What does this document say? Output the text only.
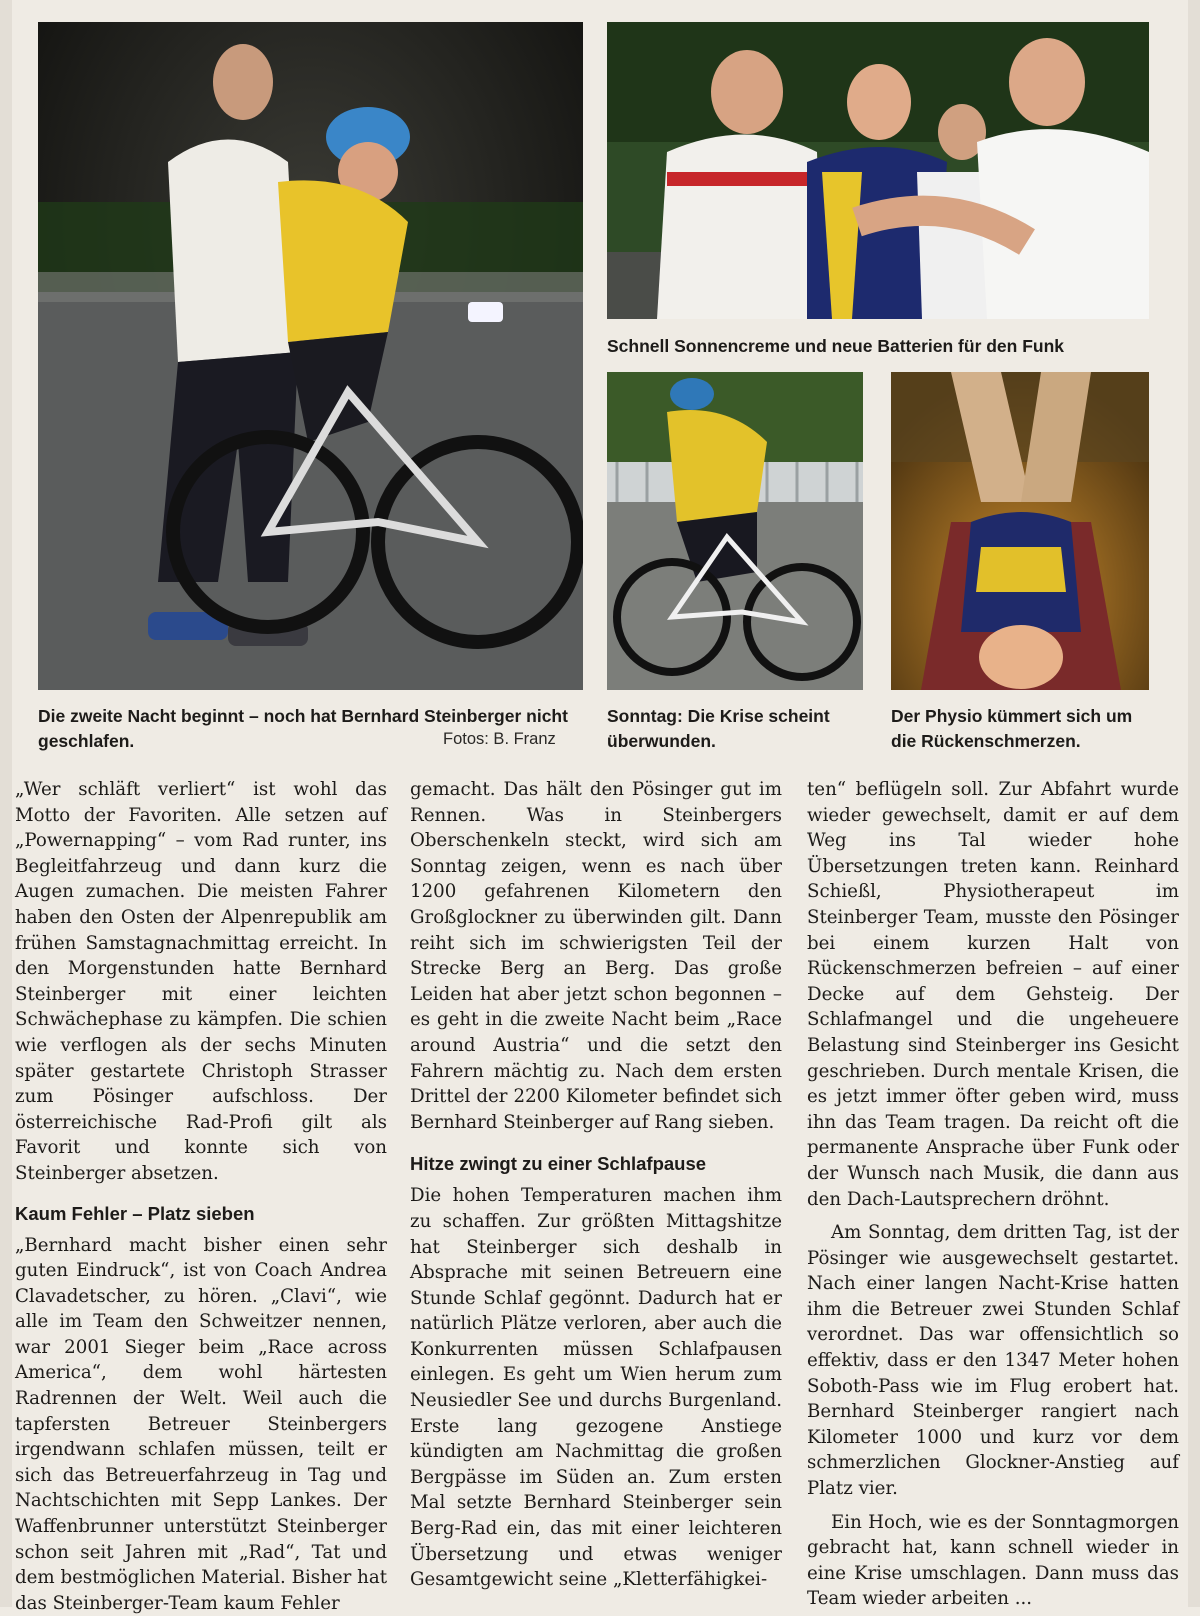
Die zweite Nacht beginnt – noch hat Bernhard Steinberger nicht geschlafen.	Fotos: B. Franz
Schnell Sonnencreme und neue Batterien für den Funk
Sonntag: Die Krise scheint überwunden.
Der Physio kümmert sich um die Rückenschmerzen.

„Wer schläft verliert“ ist wohl das Motto der Favoriten. Alle setzen auf „Powernapping“ – vom Rad runter, ins Begleitfahrzeug und dann kurz die Augen zumachen. Die meisten Fahrer haben den Osten der Alpenrepublik am frühen Samstagnachmittag erreicht. In den Morgenstunden hatte Bernhard Steinberger mit einer leichten Schwächephase zu kämpfen. Die schien wie verflogen als der sechs Minuten später gestartete Christoph Strasser zum Pösinger aufschloss. Der österreichische Rad-Profi gilt als Favorit und konnte sich von Steinberger absetzen.

Kaum Fehler – Platz sieben

„Bernhard macht bisher einen sehr guten Eindruck“, ist von Coach Andrea Clavadetscher, zu hören. „Clavi“, wie alle im Team den Schweitzer nennen, war 2001 Sieger beim „Race across America“, dem wohl härtesten Radrennen der Welt. Weil auch die tapfersten Betreuer Steinbergers irgendwann schlafen müssen, teilt er sich das Betreuerfahrzeug in Tag und Nachtschichten mit Sepp Lankes. Der Waffenbrunner unterstützt Steinberger schon seit Jahren mit „Rad“, Tat und dem bestmöglichen Material. Bisher hat das Steinberger-Team kaum Fehler

gemacht. Das hält den Pösinger gut im Rennen. Was in Steinbergers Oberschenkeln steckt, wird sich am Sonntag zeigen, wenn es nach über 1200 gefahrenen Kilometern den Großglockner zu überwinden gilt. Dann reiht sich im schwierigsten Teil der Strecke Berg an Berg. Das große Leiden hat aber jetzt schon begonnen – es geht in die zweite Nacht beim „Race around Austria“ und die setzt den Fahrern mächtig zu. Nach dem ersten Drittel der 2200 Kilometer befindet sich Bernhard Steinberger auf Rang sieben.

Hitze zwingt zu einer Schlafpause

Die hohen Temperaturen machen ihm zu schaffen. Zur größten Mittagshitze hat Steinberger sich deshalb in Absprache mit seinen Betreuern eine Stunde Schlaf gegönnt. Dadurch hat er natürlich Plätze verloren, aber auch die Konkurrenten müssen Schlafpausen einlegen. Es geht um Wien herum zum Neusiedler See und durchs Burgenland. Erste lang gezogene Anstiege kündigten am Nachmittag die großen Bergpässe im Süden an. Zum ersten Mal setzte Bernhard Steinberger sein Berg-Rad ein, das mit einer leichteren Übersetzung und etwas weniger Gesamtgewicht seine „Kletterfähigkei-

ten“ beflügeln soll. Zur Abfahrt wurde wieder gewechselt, damit er auf dem Weg ins Tal wieder hohe Übersetzungen treten kann. Reinhard Schießl, Physiotherapeut im Steinberger Team, musste den Pösinger bei einem kurzen Halt von Rückenschmerzen befreien – auf einer Decke auf dem Gehsteig. Der Schlafmangel und die ungeheuere Belastung sind Steinberger ins Gesicht geschrieben. Durch mentale Krisen, die es jetzt immer öfter geben wird, muss ihn das Team tragen. Da reicht oft die permanente Ansprache über Funk oder der Wunsch nach Musik, die dann aus den Dach-Lautsprechern dröhnt.

Am Sonntag, dem dritten Tag, ist der Pösinger wie ausgewechselt gestartet. Nach einer langen Nacht-Krise hatten ihm die Betreuer zwei Stunden Schlaf verordnet. Das war offensichtlich so effektiv, dass er den 1347 Meter hohen Soboth-Pass wie im Flug erobert hat. Bernhard Steinberger rangiert nach Kilometer 1000 und kurz vor dem schmerzlichen Glockner-Anstieg auf Platz vier.

Ein Hoch, wie es der Sonntagmorgen gebracht hat, kann schnell wieder in eine Krise umschlagen. Dann muss das Team wieder arbeiten ...
